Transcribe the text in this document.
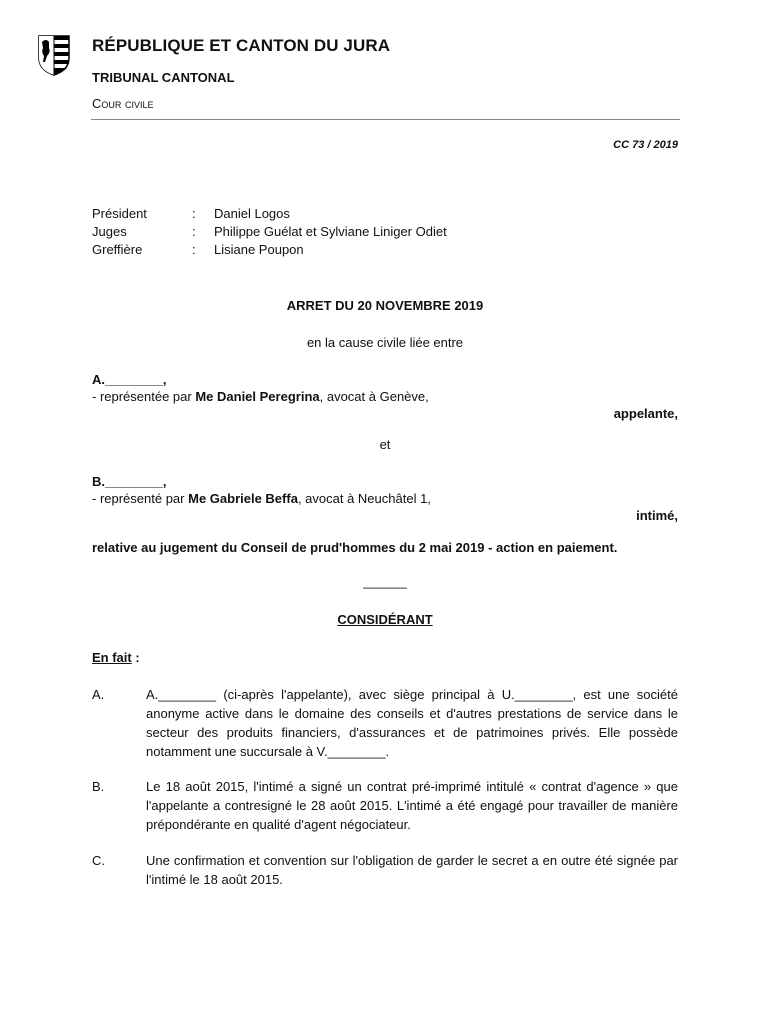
RÉPUBLIQUE ET CANTON DU JURA
TRIBUNAL CANTONAL
Cour civile
CC 73 / 2019
Président	:	Daniel Logos
Juges	:	Philippe Guélat et Sylviane Liniger Odiet
Greffière	:	Lisiane Poupon
ARRET DU 20 NOVEMBRE 2019
en la cause civile liée entre
A.________,
- représentée par Me Daniel Peregrina, avocat à Genève,
appelante,
et
B.________,
- représenté par Me Gabriele Beffa, avocat à Neuchâtel 1,
intimé,
relative au jugement du Conseil de prud'hommes du 2 mai 2019 - action en paiement.
______
CONSIDÉRANT
En fait :
A.	A.________ (ci-après l'appelante), avec siège principal à U.________, est une société anonyme active dans le domaine des conseils et d'autres prestations de service dans le secteur des produits financiers, d'assurances et de patrimoines privés. Elle possède notamment une succursale à V.________.
B.	Le 18 août 2015, l'intimé a signé un contrat pré-imprimé intitulé « contrat d'agence » que l'appelante a contresigné le 28 août 2015. L'intimé a été engagé pour travailler de manière prépondérante en qualité d'agent négociateur.
C.	Une confirmation et convention sur l'obligation de garder le secret a en outre été signée par l'intimé le 18 août 2015.
